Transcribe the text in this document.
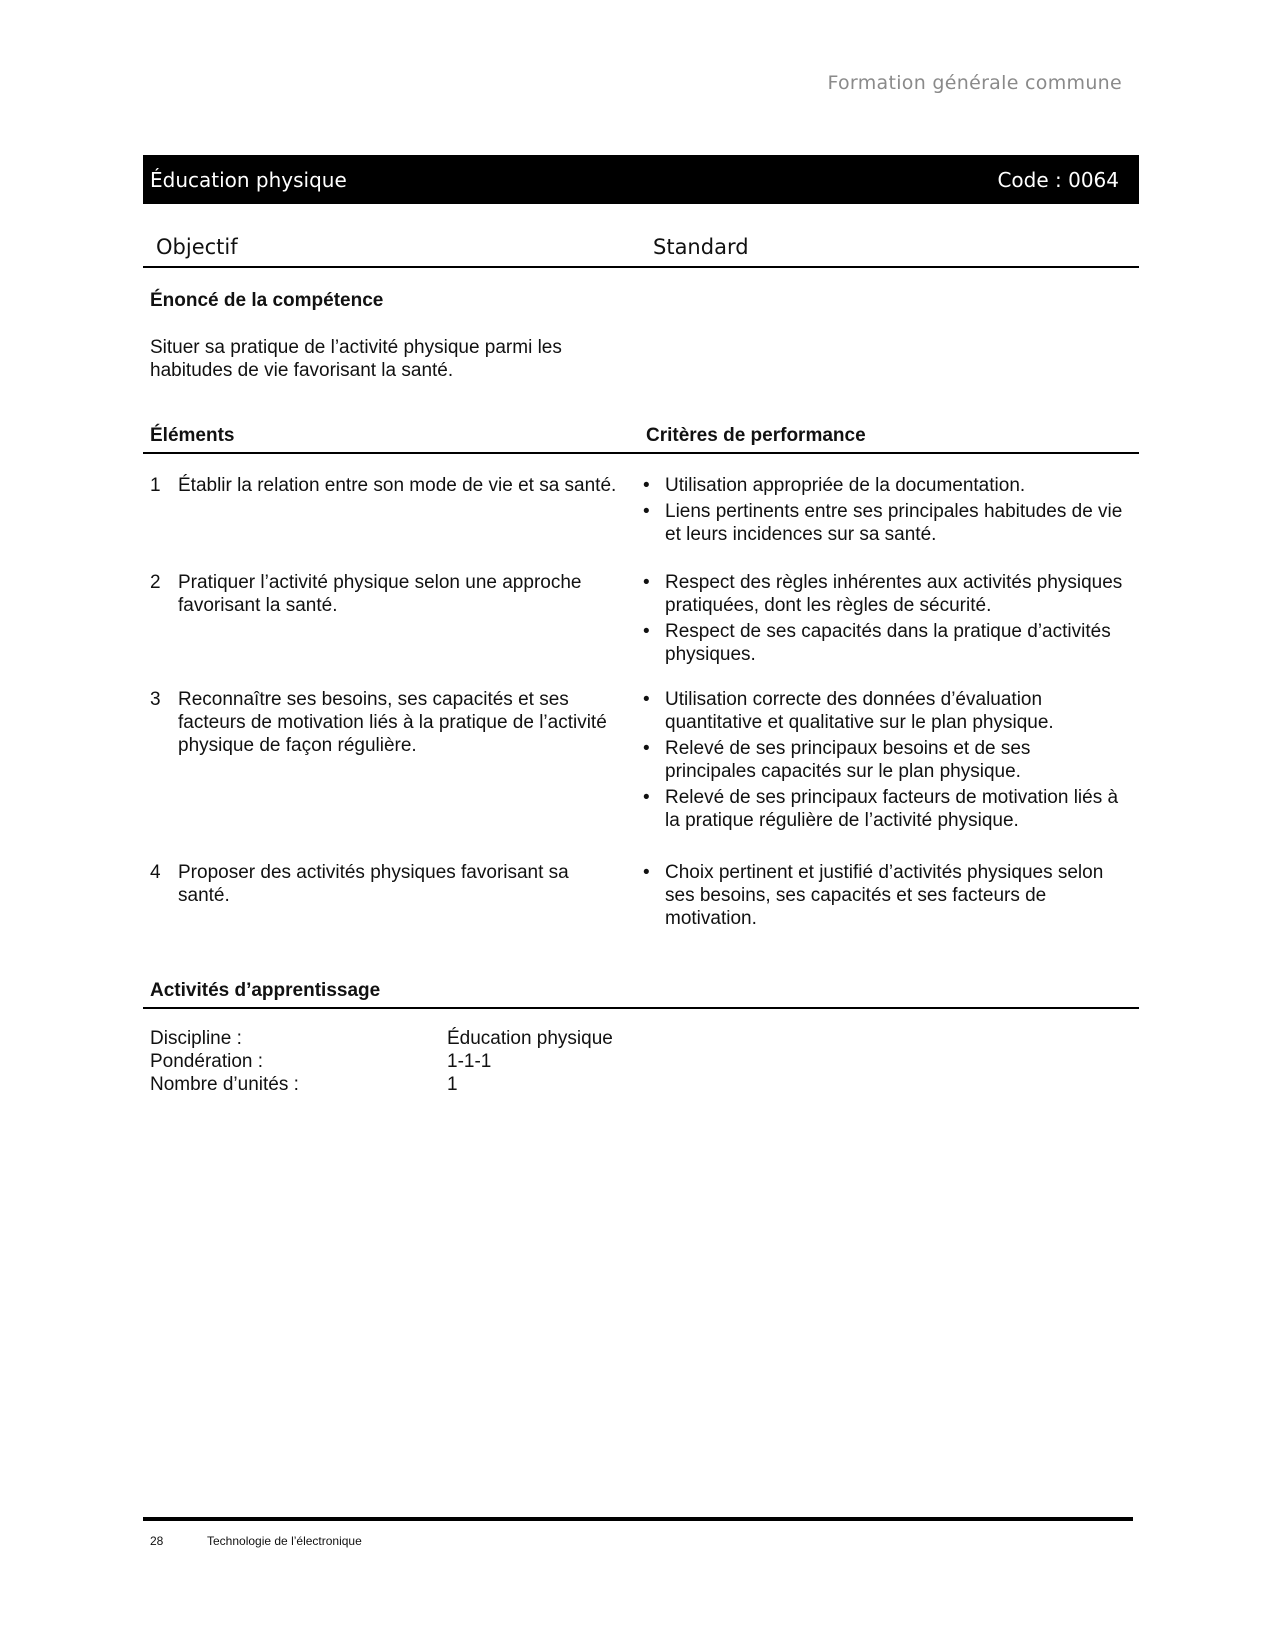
Formation générale commune
Éducation physique	Code : 0064
Objectif	Standard
Énoncé de la compétence
Situer sa pratique de l’activité physique parmi les habitudes de vie favorisant la santé.
Éléments	Critères de performance
1 Établir la relation entre son mode de vie et sa santé.	• Utilisation appropriée de la documentation.
• Liens pertinents entre ses principales habitudes de vie et leurs incidences sur sa santé.
2 Pratiquer l’activité physique selon une approche favorisant la santé.
• Respect des règles inhérentes aux activités physiques pratiquées, dont les règles de sécurité.
• Respect de ses capacités dans la pratique d’activités physiques.
3 Reconnaître ses besoins, ses capacités et ses facteurs de motivation liés à la pratique de l’activité physique de façon régulière.
• Utilisation correcte des données d’évaluation quantitative et qualitative sur le plan physique.
• Relevé de ses principaux besoins et de ses principales capacités sur le plan physique.
• Relevé de ses principaux facteurs de motivation liés à la pratique régulière de l’activité physique.
4 Proposer des activités physiques favorisant sa santé.
• Choix pertinent et justifié d’activités physiques selon ses besoins, ses capacités et ses facteurs de motivation.
Activités d’apprentissage
Discipline :	Éducation physique
Pondération :	1-1-1
Nombre d’unités :	1
28	Technologie de l’électronique
